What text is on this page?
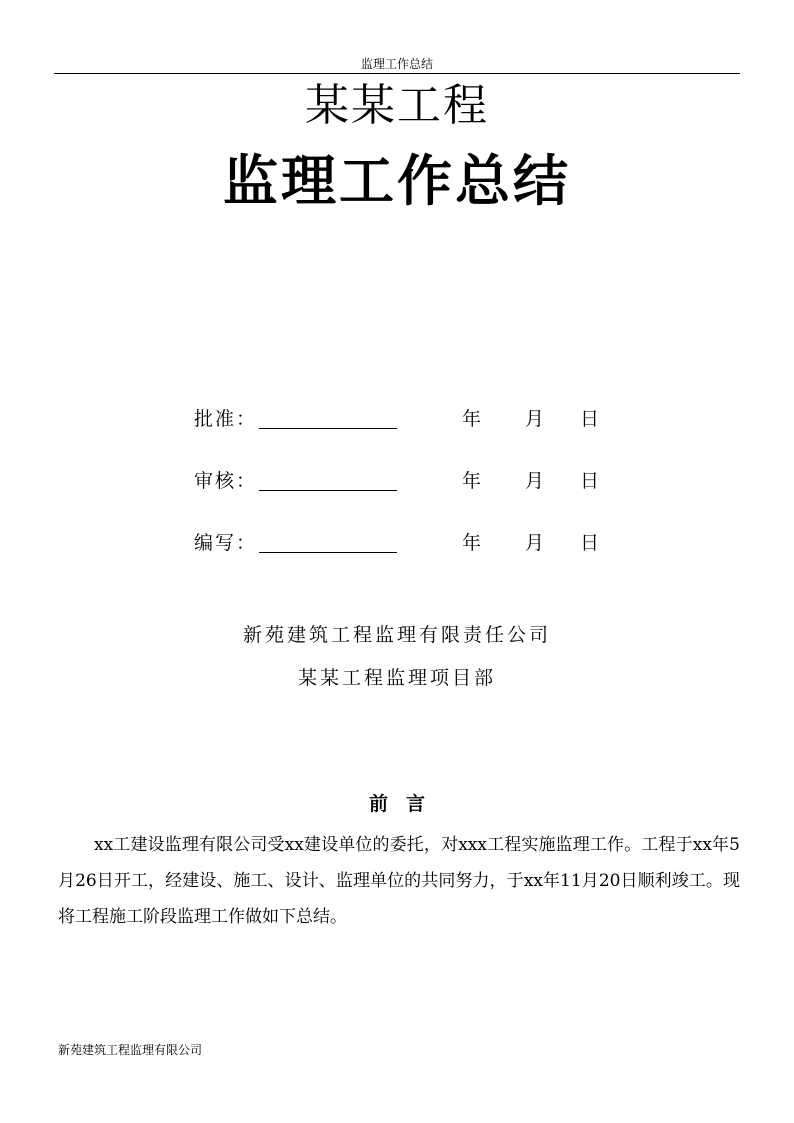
监理工作总结
某某工程
监理工作总结
批准：	年 月 日
审核：	年 月 日
编写：	年 月 日
新苑建筑工程监理有限责任公司
某某工程监理项目部
前言

xx工建设监理有限公司受xx建设单位的委托，对xxx工程实施监理工作。工程于xx年5月26日开工，经建设、施工、设计、监理单位的共同努力，于xx年11月20日顺利竣工。现将工程施工阶段监理工作做如下总结。

新苑建筑工程监理有限公司
